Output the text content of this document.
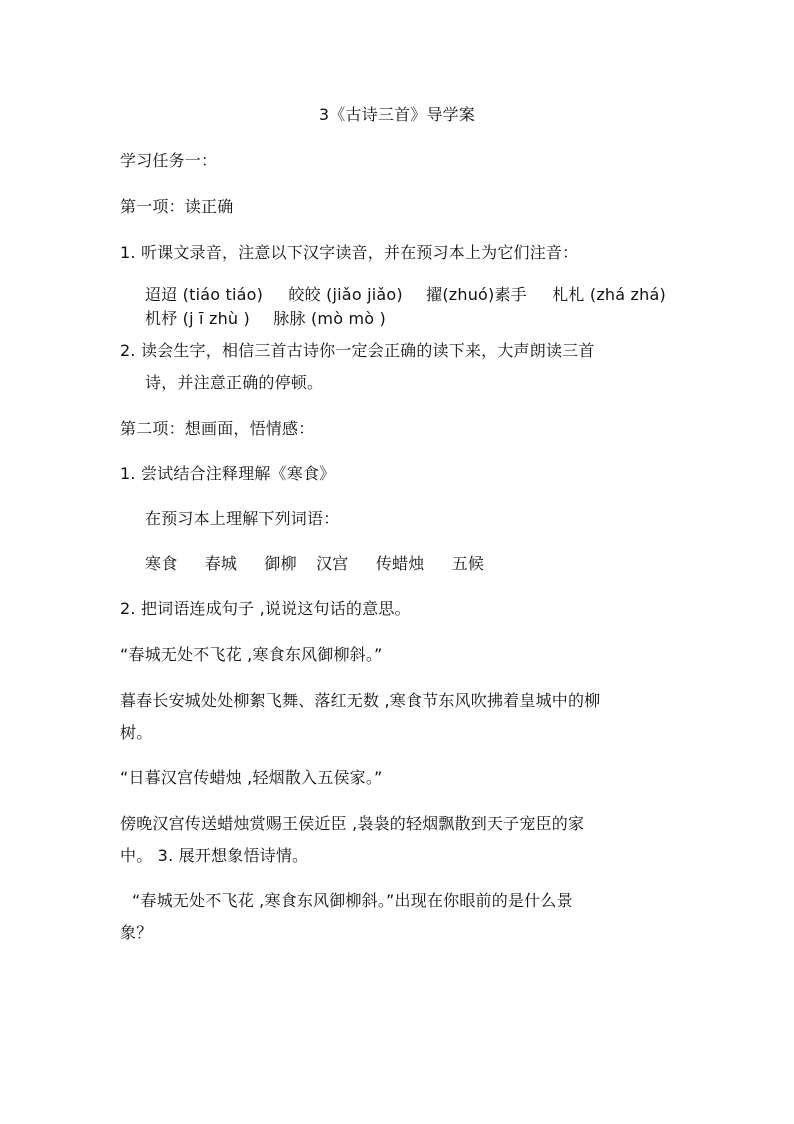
3《古诗三首》导学案
学习任务一：
第一项：读正确
1. 听课文录音，注意以下汉字读音，并在预习本上为它们注音：
迢迢 (tiáo tiáo) 皎皎 (jiǎo jiǎo) 擢(zhuó)素手 札札 (zhá zhá)
机杼 (j ī zhù ) 脉脉 (mò mò )
2. 读会生字，相信三首古诗你一定会正确的读下来，大声朗读三首
诗，并注意正确的停顿。
第二项：想画面，悟情感：
1. 尝试结合注释理解《寒食》
在预习本上理解下列词语：
寒食 春城 御柳 汉宫 传蜡烛 五候
2. 把词语连成句子 ,说说这句话的意思。
“春城无处不飞花 ,寒食东风御柳斜。”
暮春长安城处处柳絮飞舞、落红无数 ,寒食节东风吹拂着皇城中的柳
树。
“日暮汉宫传蜡烛 ,轻烟散入五侯家。”
傍晚汉宫传送蜡烛赏赐王侯近臣 ,袅袅的轻烟飘散到天子宠臣的家
中。 3. 展开想象悟诗情。
“春城无处不飞花 ,寒食东风御柳斜。”出现在你眼前的是什么景
象？
